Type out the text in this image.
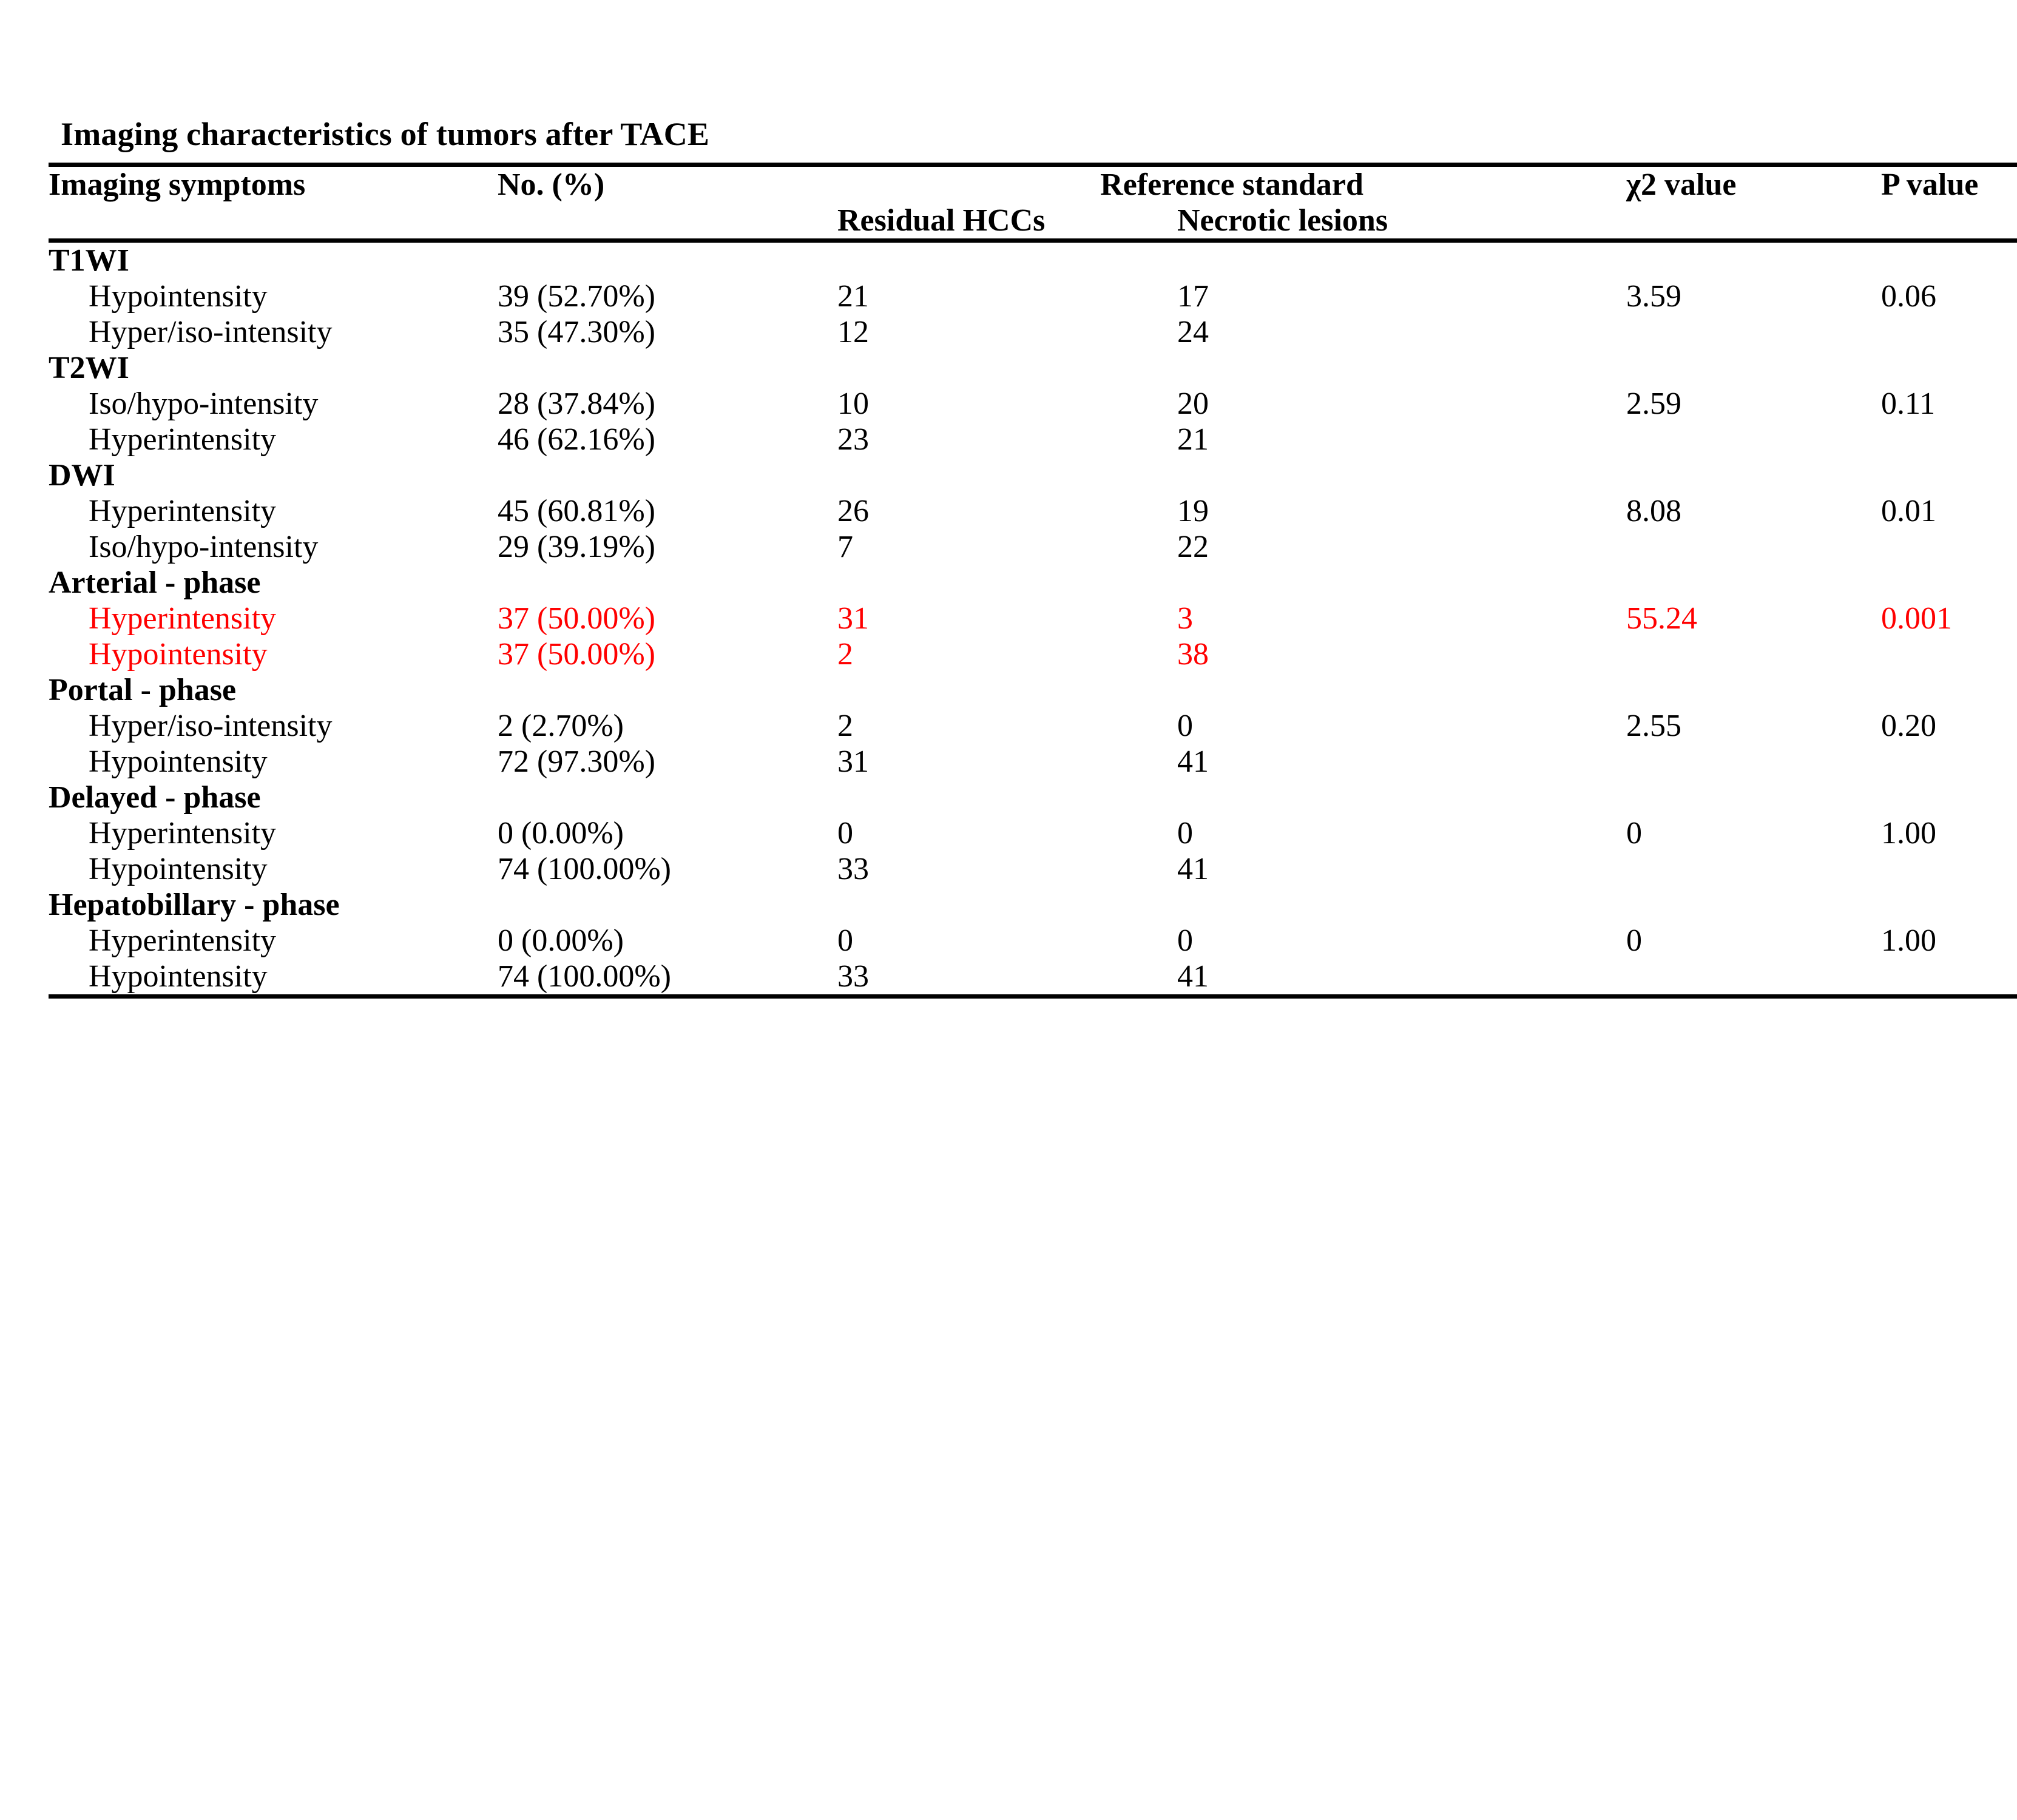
Imaging characteristics of tumors after TACE
Imaging symptoms	No. (%)	Reference standard		χ2 value	P value
		Residual HCCs	Necrotic lesions		
T1WI					
Hypointensity	39 (52.70%)	21	17	3.59	0.06
Hyper/iso-intensity	35 (47.30%)	12	24		
T2WI					
Iso/hypo-intensity	28 (37.84%)	10	20	2.59	0.11
Hyperintensity	46 (62.16%)	23	21		
DWI					
Hyperintensity	45 (60.81%)	26	19	8.08	0.01
Iso/hypo-intensity	29 (39.19%)	7	22		
Arterial - phase					
Hyperintensity	37 (50.00%)	31	3	55.24	0.001
Hypointensity	37 (50.00%)	2	38		
Portal - phase					
Hyper/iso-intensity	2 (2.70%)	2	0	2.55	0.20
Hypointensity	72 (97.30%)	31	41		
Delayed - phase					
Hyperintensity	0 (0.00%)	0	0	0	1.00
Hypointensity	74 (100.00%)	33	41		
Hepatobillary - phase					
Hyperintensity	0 (0.00%)	0	0	0	1.00
Hypointensity	74 (100.00%)	33	41		
